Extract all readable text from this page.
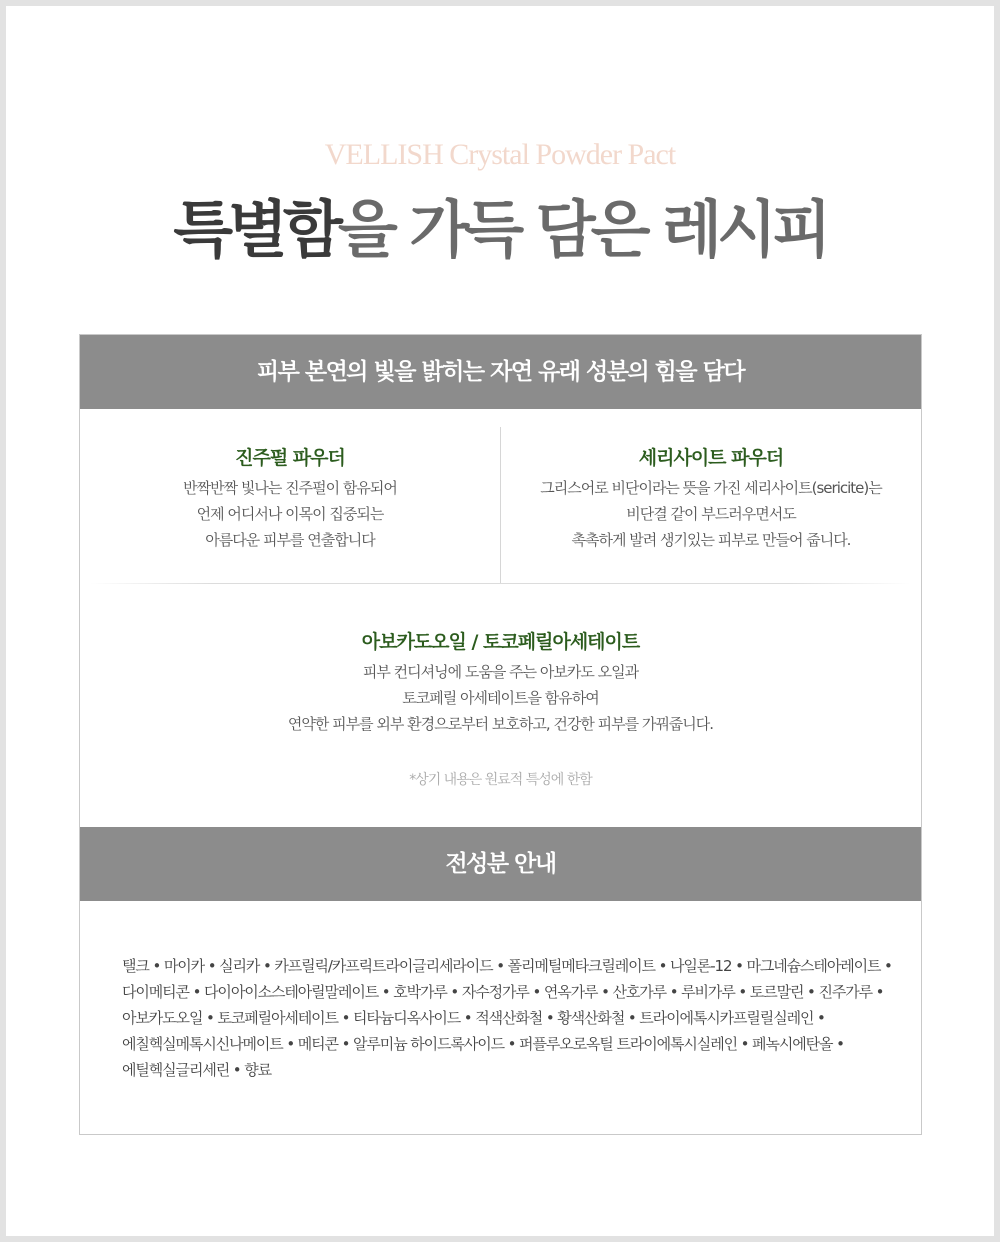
VELLISH Crystal Powder Pact
특별함을 가득 담은 레시피
피부 본연의 빛을 밝히는 자연 유래 성분의 힘을 담다
진주펄 파우더
반짝반짝 빛나는 진주펄이 함유되어
언제 어디서나 이목이 집중되는
아름다운 피부를 연출합니다
세리사이트 파우더
그리스어로 비단이라는 뜻을 가진 세리사이트(sericite)는
비단결 같이 부드러우면서도
촉촉하게 발려 생기있는 피부로 만들어 줍니다.
아보카도오일 / 토코페릴아세테이트
피부 컨디셔닝에 도움을 주는 아보카도 오일과
토코페릴 아세테이트을 함유하여
연약한 피부를 외부 환경으로부터 보호하고, 건강한 피부를 가꿔줍니다.
*상기 내용은 원료적 특성에 한함
전성분 안내
탤크 • 마이카 • 실리카 • 카프릴릭/카프릭트라이글리세라이드 • 폴리메틸메타크릴레이트 • 나일론-12 • 마그네슘스테아레이트 • 다이메티콘 • 다이아이소스테아릴말레이트 • 호박가루 • 자수정가루 • 연옥가루 • 산호가루 • 루비가루 • 토르말린 • 진주가루 • 아보카도오일 • 토코페릴아세테이트 • 티타늄디옥사이드 • 적색산화철 • 황색산화철 • 트라이에톡시카프릴릴실레인 • 에칠헥실메톡시신나메이트 • 메티콘 • 알루미늄 하이드록사이드 • 퍼플루오로옥틸 트라이에톡시실레인 • 페녹시에탄올 • 에틸헥실글리세린 • 향료
